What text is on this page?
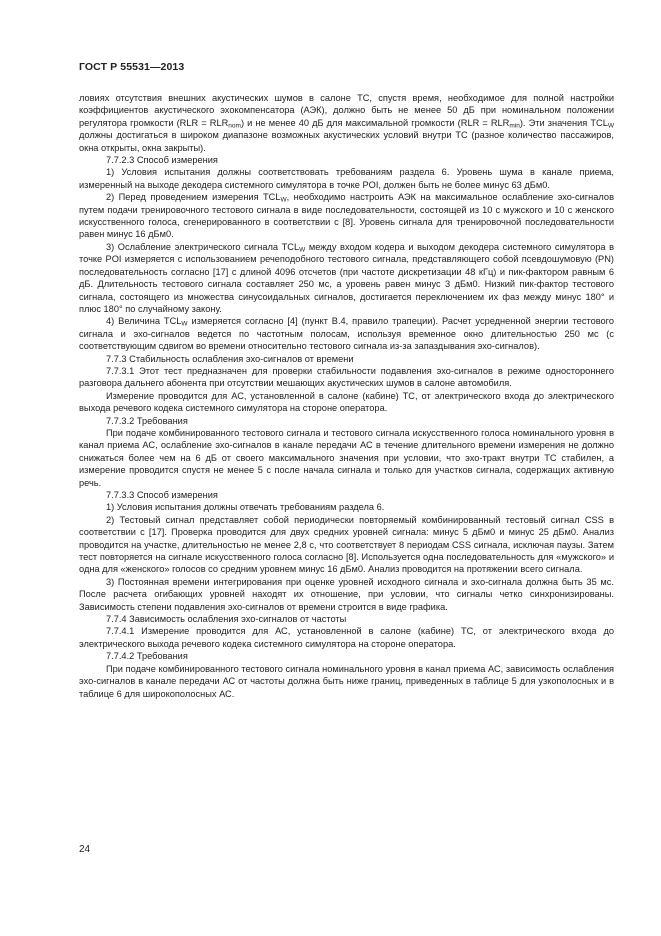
ГОСТ Р 55531—2013

ловиях отсутствия внешних акустических шумов в салоне ТС, спустя время, необходимое для полной настройки коэффициентов акустического эхокомпенсатора (АЭК), должно быть не менее 50 дБ при номинальном положении регулятора громкости $(RLR = RLR_{nom})$ и не менее 40 дБ для максимальной громкости $(RLR = RLR_{min})$. Эти значения $TCL_W$ должны достигаться в широком диапазоне возможных акустических условий внутри ТС (разное количество пассажиров, окна открыты, окна закрыты).

7.7.2.3 Способ измерения

1) Условия испытания должны соответствовать требованиям раздела 6. Уровень шума в канале приема, измеренный на выходе декодера системного симулятора в точке POI, должен быть не более минус 63 дБм0.

2) Перед проведением измерения $TCL_W$, необходимо настроить АЭК на максимальное ослабление эхо-сигналов путем подачи тренировочного тестового сигнала в виде последовательности, состоящей из 10 с мужского и 10 с женского искусственного голоса, сгенерированного в соответствии с [8]. Уровень сигнала для тренировочной последовательности равен минус 16 дБм0.

3) Ослабление электрического сигнала $TCL_W$ между входом кодера и выходом декодера системного симулятора в точке POI измеряется с использованием речеподобного тестового сигнала, представляющего собой псевдошумовую (PN) последовательность согласно [17] с длиной 4096 отсчетов (при частоте дискретизации 48 кГц) и пик-фактором равным 6 дБ. Длительность тестового сигнала составляет 250 мс, а уровень равен минус 3 дБм0. Низкий пик-фактор тестового сигнала, состоящего из множества синусоидальных сигналов, достигается переключением их фаз между минус 180° и плюс 180° по случайному закону.

4) Величина $TCL_W$ измеряется согласно [4] (пункт В.4, правило трапеции). Расчет усредненной энергии тестового сигнала и эхо-сигналов ведется по частотным полосам, используя временное окно длительностью 250 мс (с соответствующим сдвигом во времени относительно тестового сигнала из-за запаздывания эхо-сигналов).

7.7.3 Стабильность ослабления эхо-сигналов от времени

7.7.3.1 Этот тест предназначен для проверки стабильности подавления эхо-сигналов в режиме одностороннего разговора дальнего абонента при отсутствии мешающих акустических шумов в салоне автомобиля.

Измерение проводится для АС, установленной в салоне (кабине) ТС, от электрического входа до электрического выхода речевого кодека системного симулятора на стороне оператора.

7.7.3.2 Требования

При подаче комбинированного тестового сигнала и тестового сигнала искусственного голоса номинального уровня в канал приема АС, ослабление эхо-сигналов в канале передачи АС в течение длительного времени измерения не должно снижаться более чем на 6 дБ от своего максимального значения при условии, что эхо-тракт внутри ТС стабилен, а измерение проводится спустя не менее 5 с после начала сигнала и только для участков сигнала, содержащих активную речь.

7.7.3.3 Способ измерения

1) Условия испытания должны отвечать требованиям раздела 6.

2) Тестовый сигнал представляет собой периодически повторяемый комбинированный тестовый сигнал CSS в соответствии с [17]. Проверка проводится для двух средних уровней сигнала: минус 5 дБм0 и минус 25 дБм0. Анализ проводится на участке, длительностью не менее 2,8 с, что соответствует 8 периодам CSS сигнала, исключая паузы. Затем тест повторяется на сигнале искусственного голоса согласно [8]. Используется одна последовательность для «мужского» и одна для «женского» голосов со средним уровнем минус 16 дБм0. Анализ проводится на протяжении всего сигнала.

3) Постоянная времени интегрирования при оценке уровней исходного сигнала и эхо-сигнала должна быть 35 мс. После расчета огибающих уровней находят их отношение, при условии, что сигналы четко синхронизированы. Зависимость степени подавления эхо-сигналов от времени строится в виде графика.

7.7.4 Зависимость ослабления эхо-сигналов от частоты

7.7.4.1 Измерение проводится для АС, установленной в салоне (кабине) ТС, от электрического входа до электрического выхода речевого кодека системного симулятора на стороне оператора.

7.7.4.2 Требования

При подаче комбинированного тестового сигнала номинального уровня в канал приема АС, зависимость ослабления эхо-сигналов в канале передачи АС от частоты должна быть ниже границ, приведенных в таблице 5 для узкополосных и в таблице 6 для широкополосных АС.

24
